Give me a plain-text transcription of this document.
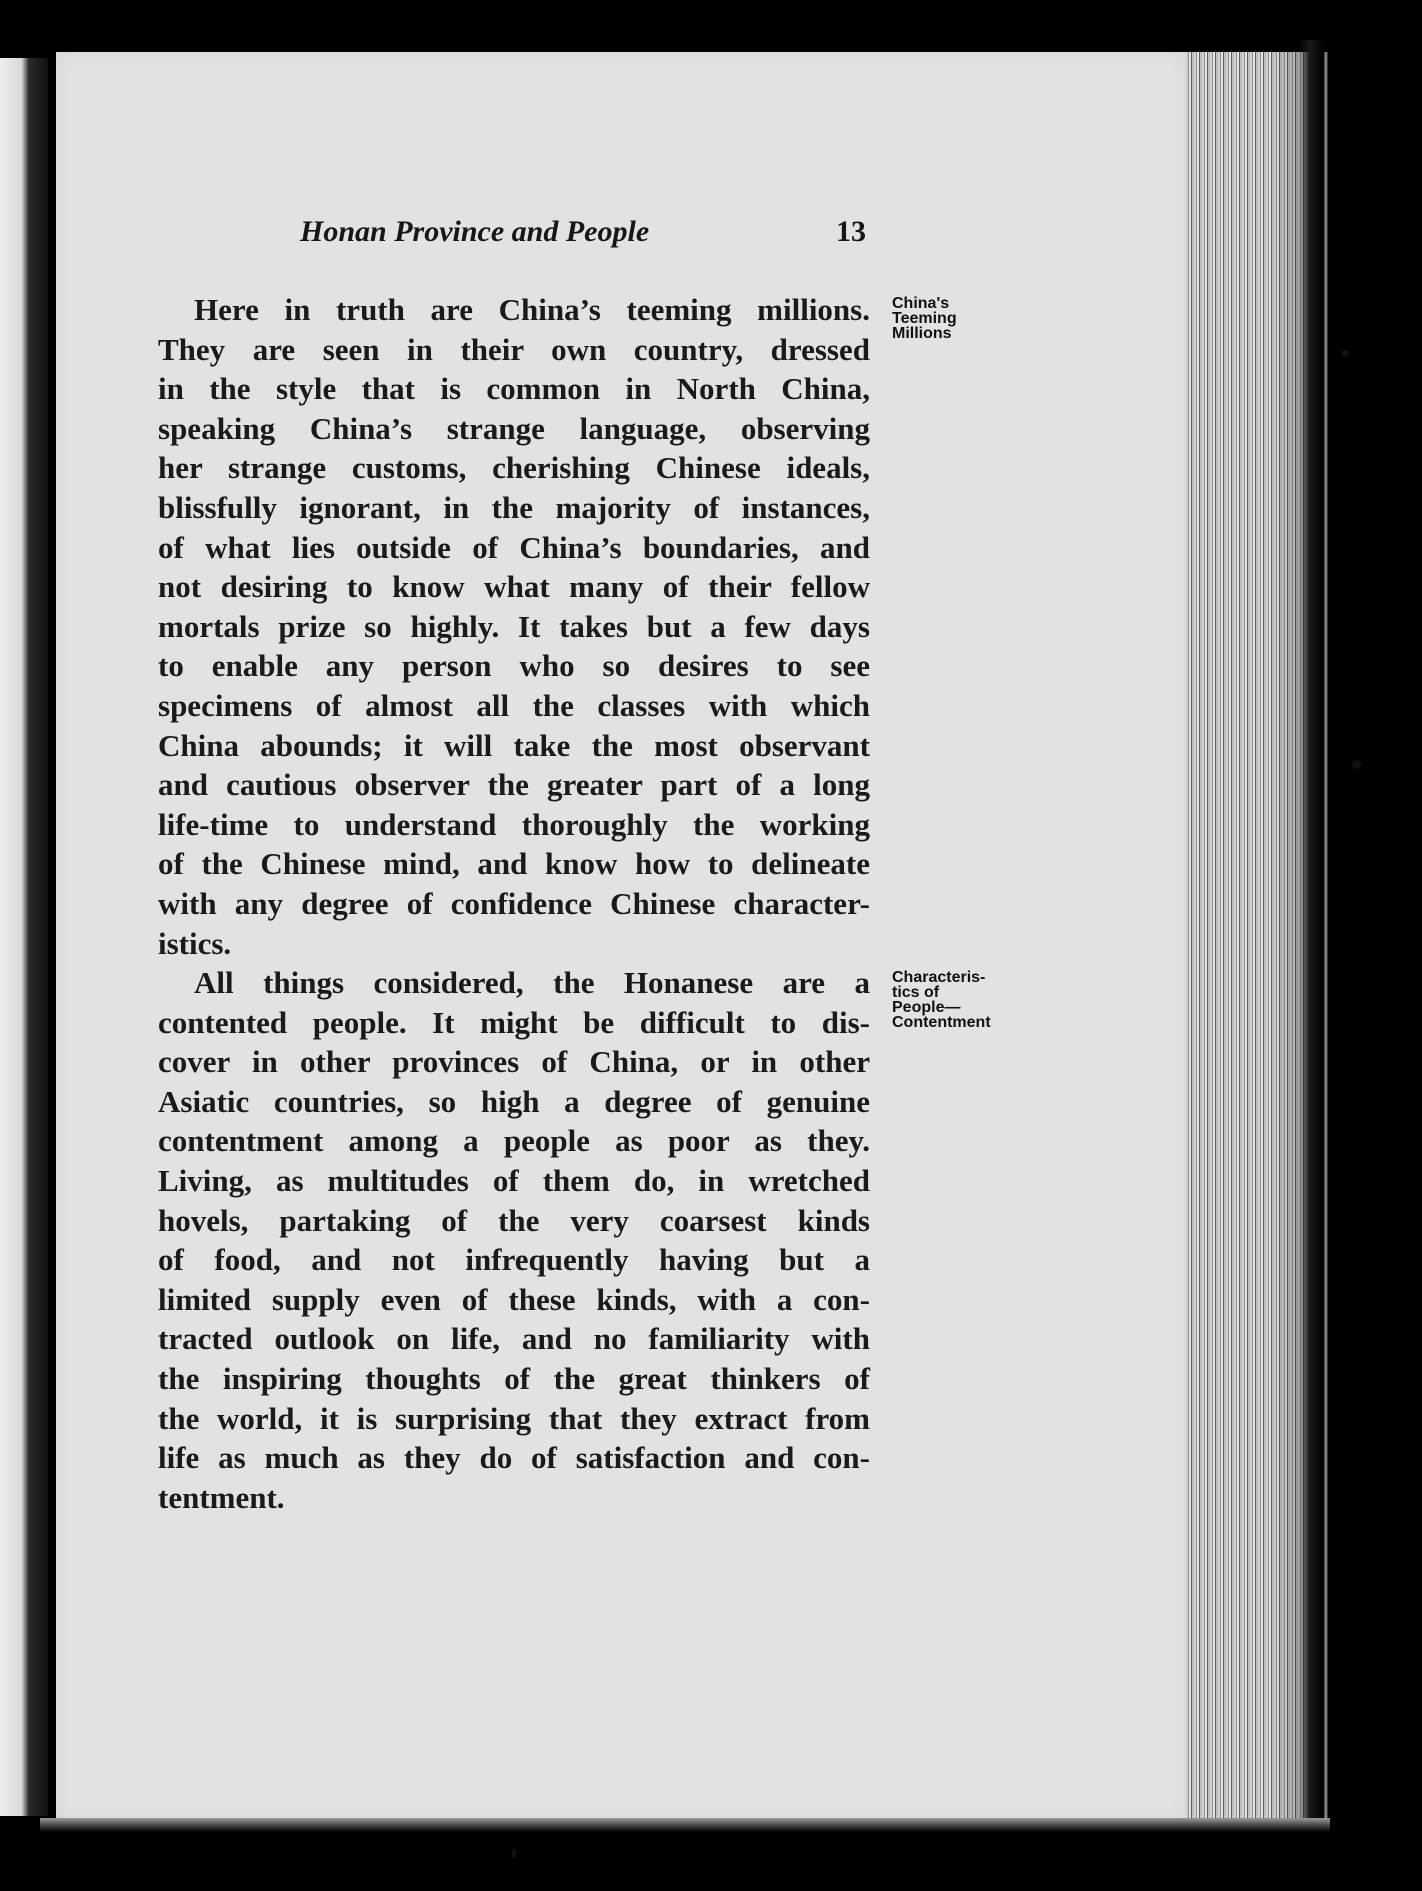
Honan Province and People	13
Here in truth are China’s teeming millions.
They are seen in their own country, dressed
in the style that is common in North China,
speaking China’s strange language, observing
her strange customs, cherishing Chinese ideals,
blissfully ignorant, in the majority of instances,
of what lies outside of China’s boundaries, and
not desiring to know what many of their fellow
mortals prize so highly. It takes but a few days
to enable any person who so desires to see
specimens of almost all the classes with which
China abounds; it will take the most observant
and cautious observer the greater part of a long
life-time to understand thoroughly the working
of the Chinese mind, and know how to delineate
with any degree of confidence Chinese character-
istics.
All things considered, the Honanese are a
contented people. It might be difficult to dis-
cover in other provinces of China, or in other
Asiatic countries, so high a degree of genuine
contentment among a people as poor as they.
Living, as multitudes of them do, in wretched
hovels, partaking of the very coarsest kinds
of food, and not infrequently having but a
limited supply even of these kinds, with a con-
tracted outlook on life, and no familiarity with
the inspiring thoughts of the great thinkers of
the world, it is surprising that they extract from
life as much as they do of satisfaction and con-
tentment.
China's
Teeming
Millions
Characteris-
tics of
People—
Contentment
